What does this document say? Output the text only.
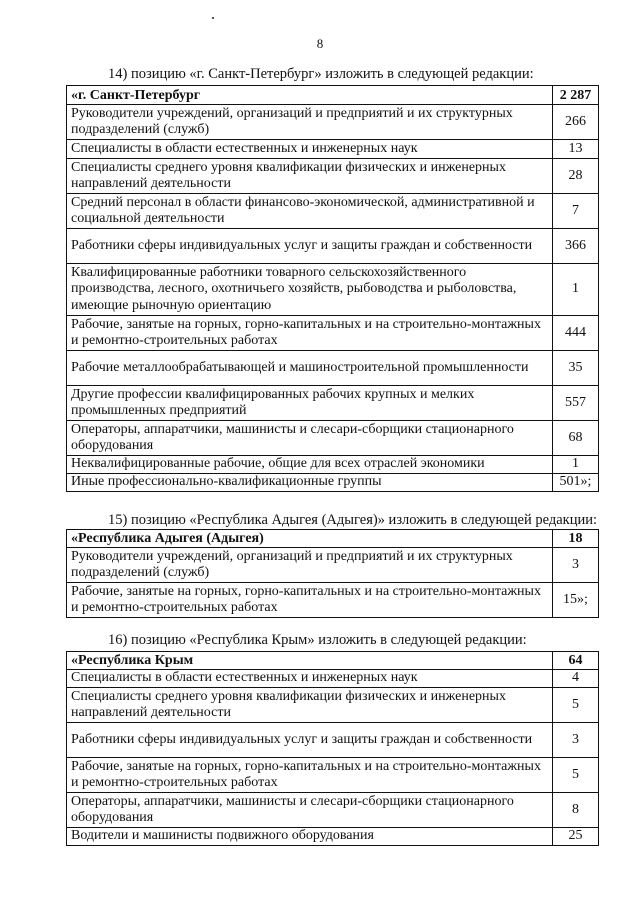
8
14) позицию «г. Санкт-Петербург» изложить в следующей редакции:
«г. Санкт-Петербург	2 287
Руководители учреждений, организаций и предприятий и их структурных подразделений (служб)	266
Специалисты в области естественных и инженерных наук	13
Специалисты среднего уровня квалификации физических и инженерных направлений деятельности	28
Средний персонал в области финансово-экономической, административной и социальной деятельности	7
Работники сферы индивидуальных услуг и защиты граждан и собственности	366
Квалифицированные работники товарного сельскохозяйственного производства, лесного, охотничьего хозяйств, рыбоводства и рыболовства, имеющие рыночную ориентацию	1
Рабочие, занятые на горных, горно-капитальных и на строительно-монтажных и ремонтно-строительных работах	444
Рабочие металлообрабатывающей и машиностроительной промышленности	35
Другие профессии квалифицированных рабочих крупных и мелких промышленных предприятий	557
Операторы, аппаратчики, машинисты и слесари-сборщики стационарного оборудования	68
Неквалифицированные рабочие, общие для всех отраслей экономики	1
Иные профессионально-квалификационные группы	501»;
15) позицию «Республика Адыгея (Адыгея)» изложить в следующей редакции:
«Республика Адыгея (Адыгея)	18
Руководители учреждений, организаций и предприятий и их структурных подразделений (служб)	3
Рабочие, занятые на горных, горно-капитальных и на строительно-монтажных и ремонтно-строительных работах	15»;
16) позицию «Республика Крым» изложить в следующей редакции:
«Республика Крым	64
Специалисты в области естественных и инженерных наук	4
Специалисты среднего уровня квалификации физических и инженерных направлений деятельности	5
Работники сферы индивидуальных услуг и защиты граждан и собственности	3
Рабочие, занятые на горных, горно-капитальных и на строительно-монтажных и ремонтно-строительных работах	5
Операторы, аппаратчики, машинисты и слесари-сборщики стационарного оборудования	8
Водители и машинисты подвижного оборудования	25
